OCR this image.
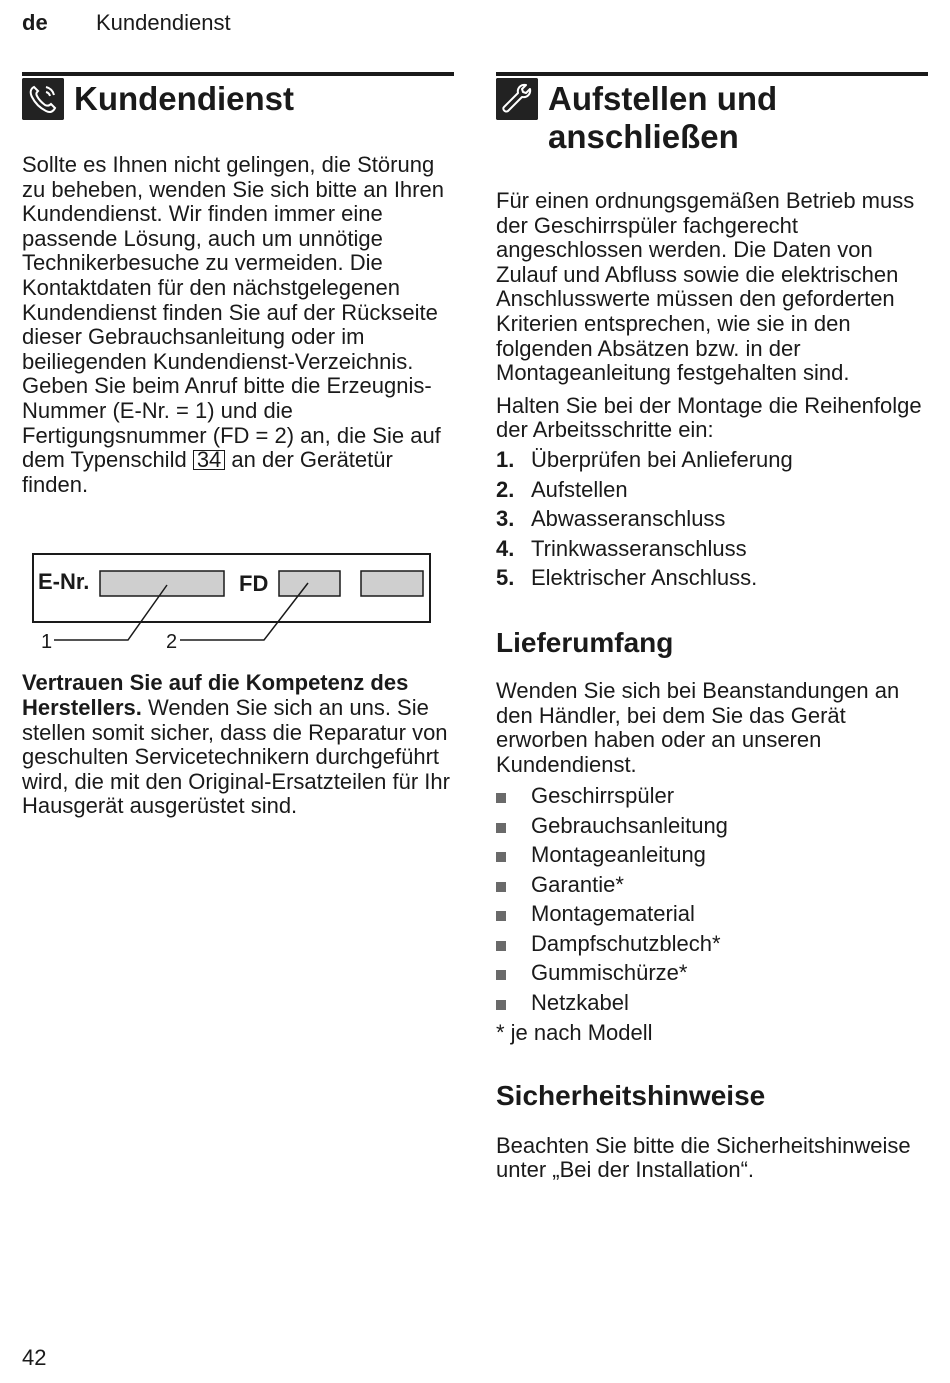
de Kundendienst
Kundendienst

Sollte es Ihnen nicht gelingen, die Störung zu beheben, wenden Sie sich bitte an Ihren Kundendienst. Wir finden immer eine passende Lösung, auch um unnötige Technikerbesuche zu vermeiden. Die Kontaktdaten für den nächstgelegenen Kundendienst finden Sie auf der Rückseite dieser Gebrauchsanleitung oder im beiliegenden Kundendienst-Verzeichnis. Geben Sie beim Anruf bitte die Erzeugnis-Nummer (E-Nr. = 1) und die Fertigungsnummer (FD = 2) an, die Sie auf dem Typenschild 34 an der Gerätetür finden.

Vertrauen Sie auf die Kompetenz des Herstellers. Wenden Sie sich an uns. Sie stellen somit sicher, dass die Reparatur von geschulten Servicetechnikern durchgeführt wird, die mit den Original-Ersatzteilen für Ihr Hausgerät ausgerüstet sind.

E-Nr.	FD
1	2
Aufstellen und
anschließen

Für einen ordnungsgemäßen Betrieb muss der Geschirrspüler fachgerecht angeschlossen werden. Die Daten von Zulauf und Abfluss sowie die elektrischen Anschlusswerte müssen den geforderten Kriterien entsprechen, wie sie in den folgenden Absätzen bzw. in der Montageanleitung festgehalten sind.

Halten Sie bei der Montage die Reihenfolge der Arbeitsschritte ein:

1. Überprüfen bei Anlieferung
2. Aufstellen
3. Abwasseranschluss
4. Trinkwasseranschluss
5. Elektrischer Anschluss.
Lieferumfang

Wenden Sie sich bei Beanstandungen an den Händler, bei dem Sie das Gerät erworben haben oder an unseren Kundendienst.

Geschirrspüler
Gebrauchsanleitung
Montageanleitung
Garantie*
Montagematerial
Dampfschutzblech*
Gummischürze*
Netzkabel

* je nach Modell

Sicherheitshinweise

Beachten Sie bitte die Sicherheitshinweise unter „Bei der Installation“.

42
